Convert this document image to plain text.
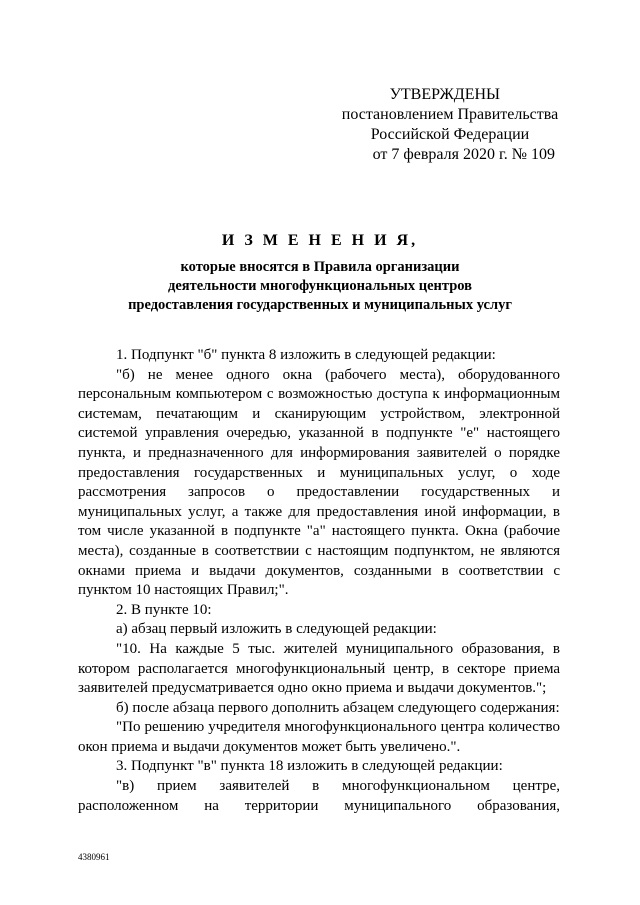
УТВЕРЖДЕНЫ
постановлением Правительства
Российской Федерации
от 7 февраля 2020 г. № 109
И З М Е Н Е Н И Я,
которые вносятся в Правила организации
деятельности многофункциональных центров
предоставления государственных и муниципальных услуг

1. Подпункт "б" пункта 8 изложить в следующей редакции:

"б) не менее одного окна (рабочего места), оборудованного персональным компьютером с возможностью доступа к информационным системам, печатающим и сканирующим устройством, электронной системой управления очередью, указанной в подпункте "е" настоящего пункта, и предназначенного для информирования заявителей о порядке предоставления государственных и муниципальных услуг, о ходе рассмотрения запросов о предоставлении государственных и муниципальных услуг, а также для предоставления иной информации, в том числе указанной в подпункте "а" настоящего пункта. Окна (рабочие места), созданные в соответствии с настоящим подпунктом, не являются окнами приема и выдачи документов, созданными в соответствии с пунктом 10 настоящих Правил;".

2. В пункте 10:

а) абзац первый изложить в следующей редакции:

"10. На каждые 5 тыс. жителей муниципального образования, в котором располагается многофункциональный центр, в секторе приема заявителей предусматривается одно окно приема и выдачи документов.";

б) после абзаца первого дополнить абзацем следующего содержания:

"По решению учредителя многофункционального центра количество окон приема и выдачи документов может быть увеличено.".

3. Подпункт "в" пункта 18 изложить в следующей редакции:

"в) прием заявителей в многофункциональном центре, расположенном на территории муниципального образования,

4380961
